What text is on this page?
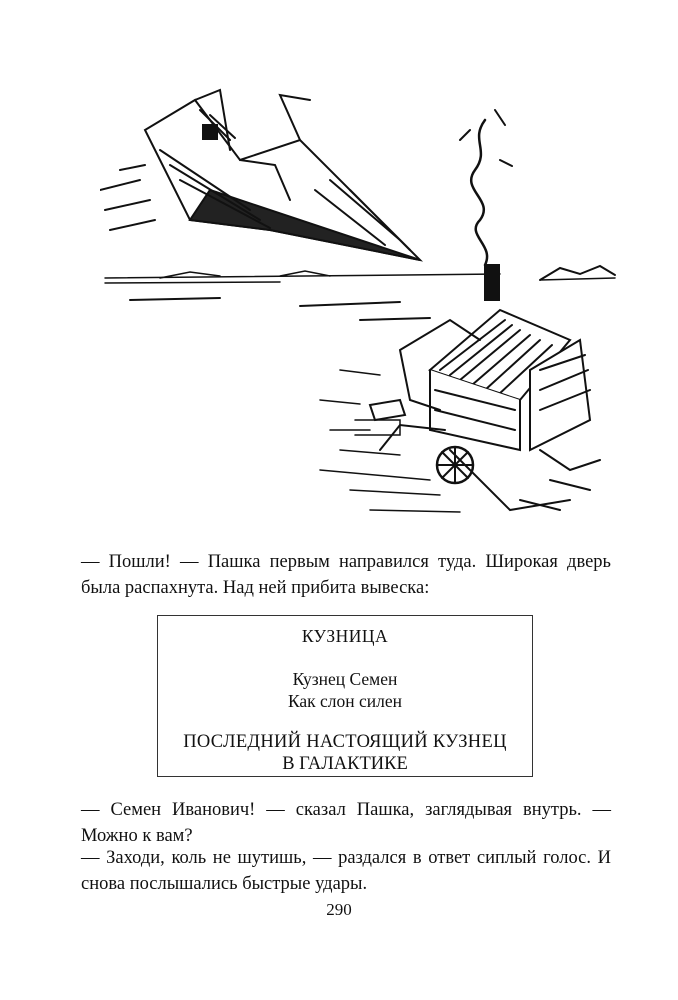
— Пошли! — Пашка первым направился туда. Широкая дверь была распахнута. Над ней прибита вывеска:

КУЗНИЦА
Кузнец Семен
Как слон силен
ПОСЛЕДНИЙ НАСТОЯЩИЙ КУЗНЕЦ
В ГАЛАКТИКЕ

— Семен Иванович! — сказал Пашка, заглядывая внутрь. — Можно к вам?

— Заходи, коль не шутишь, — раздался в ответ сиплый голос. И снова послышались быстрые удары.

290
